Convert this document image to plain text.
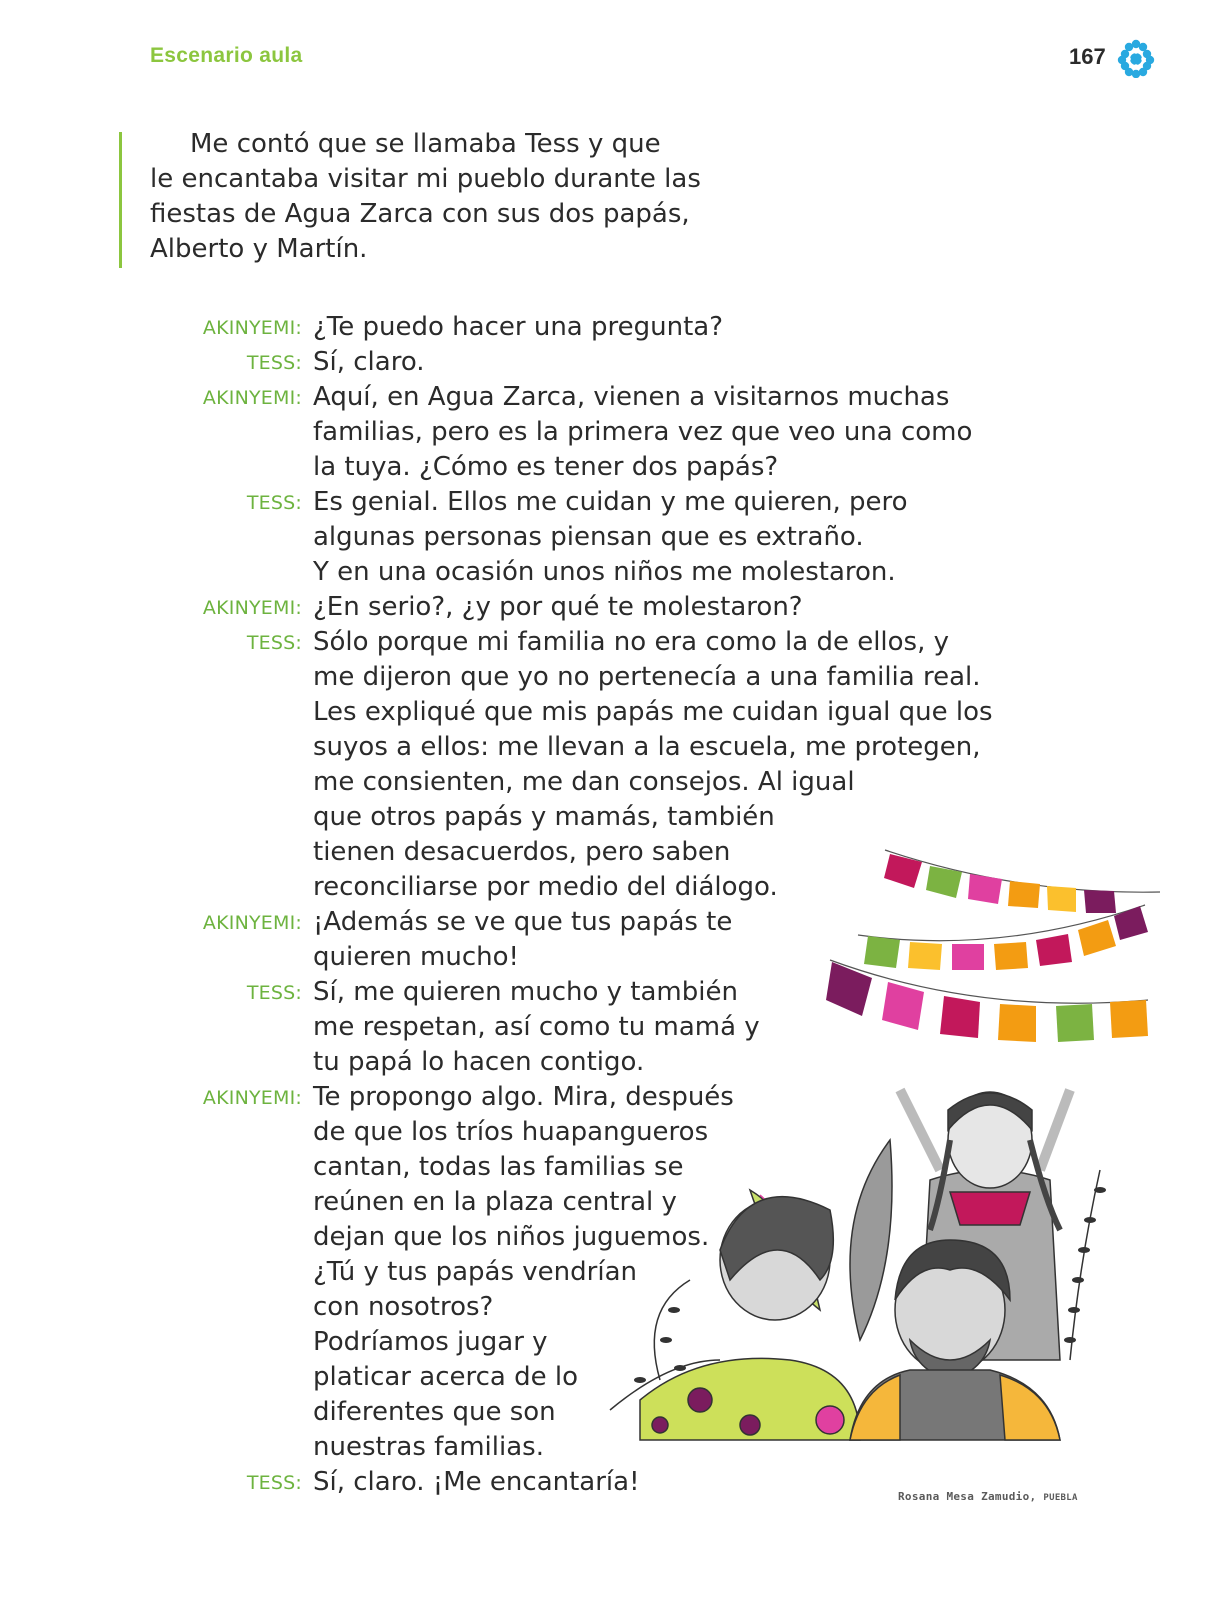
Escenario aula	167
Me contó que se llamaba Tess y que
le encantaba visitar mi pueblo durante las
fiestas de Agua Zarca con sus dos papás,
Alberto y Martín.
AKINYEMI: ¿Te puedo hacer una pregunta?
TESS: Sí, claro.
AKINYEMI: Aquí, en Agua Zarca, vienen a visitarnos muchas
familias, pero es la primera vez que veo una como
la tuya. ¿Cómo es tener dos papás?
TESS: Es genial. Ellos me cuidan y me quieren, pero
algunas personas piensan que es extraño.
Y en una ocasión unos niños me molestaron.
AKINYEMI: ¿En serio?, ¿y por qué te molestaron?
TESS: Sólo porque mi familia no era como la de ellos, y
me dijeron que yo no pertenecía a una familia real.
Les expliqué que mis papás me cuidan igual que los
suyos a ellos: me llevan a la escuela, me protegen,
me consienten, me dan consejos. Al igual
que otros papás y mamás, también
tienen desacuerdos, pero saben
reconciliarse por medio del diálogo.
AKINYEMI: ¡Además se ve que tus papás te
quieren mucho!
TESS: Sí, me quieren mucho y también
me respetan, así como tu mamá y
tu papá lo hacen contigo.
AKINYEMI: Te propongo algo. Mira, después
de que los tríos huapangueros
cantan, todas las familias se
reúnen en la plaza central y
dejan que los niños juguemos.
¿Tú y tus papás vendrían
con nosotros?
Podríamos jugar y
platicar acerca de lo
diferentes que son
nuestras familias.
TESS: Sí, claro. ¡Me encantaría!	Rosana Mesa Zamudio, PUEBLA
